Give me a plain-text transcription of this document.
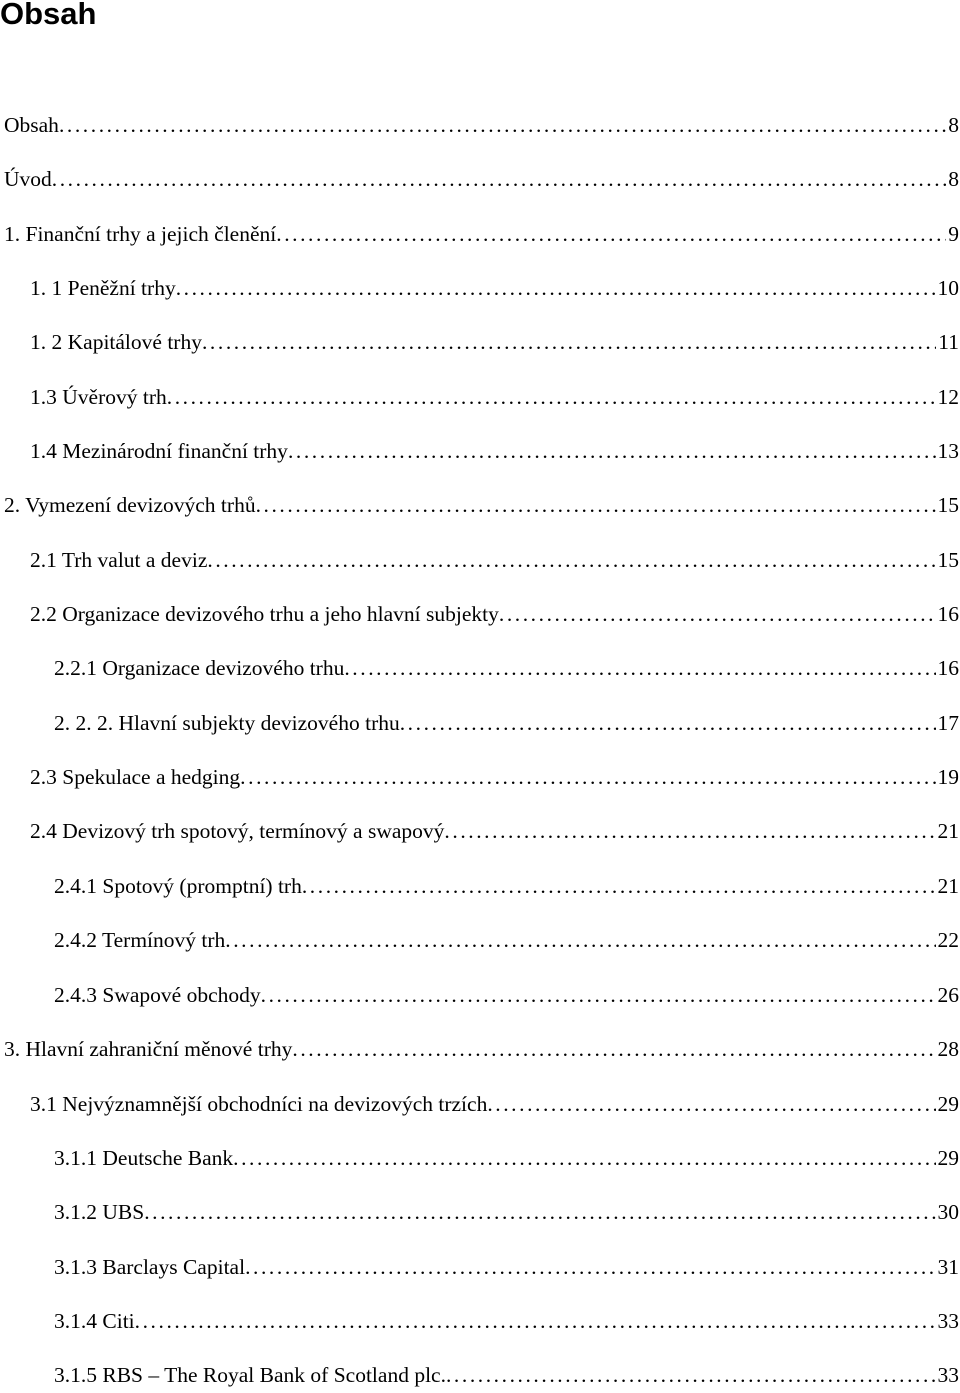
Obsah
Obsah . . .	8
Úvod . . .	8
1. Finanční trhy a jejich členění . . .	9
1. 1 Peněžní trhy . . .	10
1. 2 Kapitálové trhy . . .	11
1.3 Úvěrový trh . . .	12
1.4 Mezinárodní finanční trhy . . .	13
2. Vymezení devizových trhů . . .	15
2.1 Trh valut a deviz . . .	15
2.2 Organizace devizového trhu a jeho hlavní subjekty . . .	16
2.2.1 Organizace devizového trhu . . .	16
2. 2. 2. Hlavní subjekty devizového trhu . . .	17
2.3 Spekulace a hedging . . .	19
2.4 Devizový trh spotový, termínový a swapový . . .	21
2.4.1 Spotový (promptní) trh . . .	21
2.4.2 Termínový trh . . .	22
2.4.3 Swapové obchody . . .	26
3. Hlavní zahraniční měnové trhy . . .	28
3.1 Nejvýznamnější obchodníci na devizových trzích . . .	29
3.1.1 Deutsche Bank . . .	29
3.1.2 UBS . . .	30
3.1.3 Barclays Capital . . .	31
3.1.4 Citi . . .	33
3.1.5 RBS – The Royal Bank of Scotland plc. . . .	33
